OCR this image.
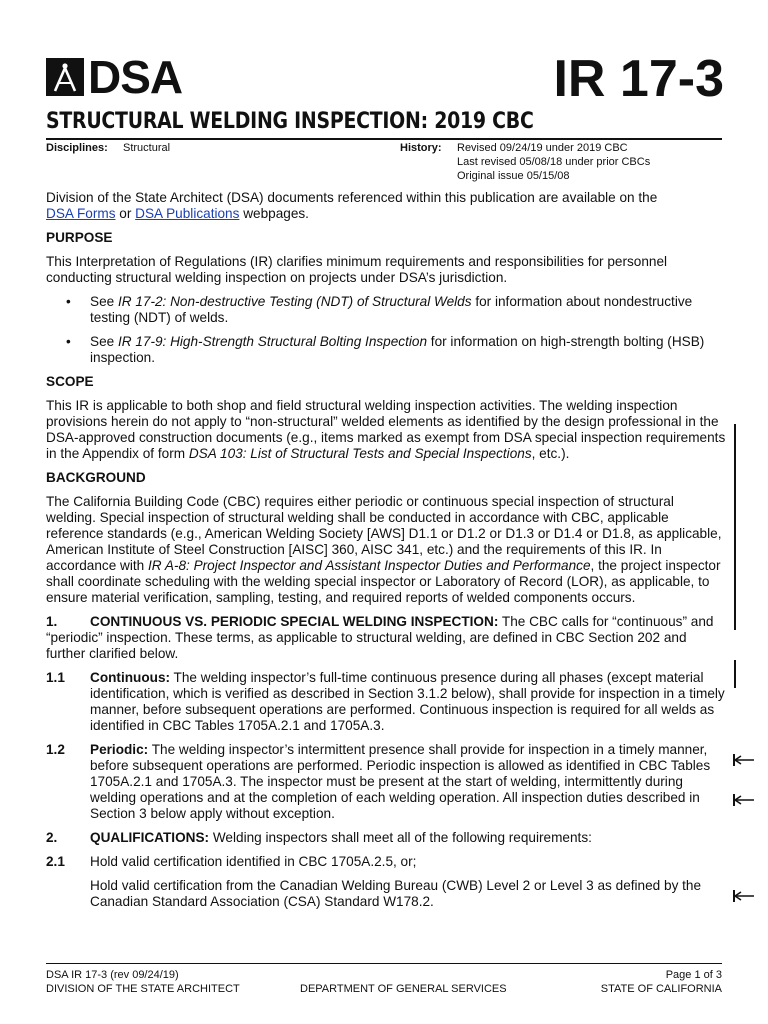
DSA	IR 17-3
STRUCTURAL WELDING INSPECTION: 2019 CBC
Disciplines: Structural	History: Revised 09/24/19 under 2019 CBC
Last revised 05/08/18 under prior CBCs
Original issue 05/15/08

Division of the State Architect (DSA) documents referenced within this publication are available on the
DSA Forms or DSA Publications webpages.

PURPOSE

This Interpretation of Regulations (IR) clarifies minimum requirements and responsibilities for personnel conducting structural welding inspection on projects under DSA’s jurisdiction.

•	See IR 17-2: Non-destructive Testing (NDT) of Structural Welds for information about nondestructive testing (NDT) of welds.
•	See IR 17-9: High-Strength Structural Bolting Inspection for information on high-strength bolting (HSB) inspection.
SCOPE

This IR is applicable to both shop and field structural welding inspection activities. The welding inspection provisions herein do not apply to “non-structural” welded elements as identified by the design professional in the DSA-approved construction documents (e.g., items marked as exempt from DSA special inspection requirements in the Appendix of form DSA 103: List of Structural Tests and Special Inspections, etc.).

BACKGROUND

The California Building Code (CBC) requires either periodic or continuous special inspection of structural welding. Special inspection of structural welding shall be conducted in accordance with CBC, applicable reference standards (e.g., American Welding Society [AWS] D1.1 or D1.2 or D1.3 or D1.4 or D1.8, as applicable, American Institute of Steel Construction [AISC] 360, AISC 341, etc.) and the requirements of this IR. In accordance with IR A-8: Project Inspector and Assistant Inspector Duties and Performance, the project inspector shall coordinate scheduling with the welding special inspector or Laboratory of Record (LOR), as applicable, to ensure material verification, sampling, testing, and required reports of welded components occurs.

1. CONTINUOUS VS. PERIODIC SPECIAL WELDING INSPECTION: The CBC calls for “continuous” and “periodic” inspection. These terms, as applicable to structural welding, are defined in CBC Section 202 and further clarified below.

1.1	Continuous: The welding inspector’s full-time continuous presence during all phases (except material identification, which is verified as described in Section 3.1.2 below), shall provide for inspection in a timely manner, before subsequent operations are performed. Continuous inspection is required for all welds as identified in CBC Tables 1705A.2.1 and 1705A.3.
1.2	Periodic: The welding inspector’s intermittent presence shall provide for inspection in a timely manner, before subsequent operations are performed. Periodic inspection is allowed as identified in CBC Tables 1705A.2.1 and 1705A.3. The inspector must be present at the start of welding, intermittently during welding operations and at the completion of each welding operation. All inspection duties described in Section 3 below apply without exception.

2. QUALIFICATIONS: Welding inspectors shall meet all of the following requirements:

2.1	Hold valid certification identified in CBC 1705A.2.5, or;

Hold valid certification from the Canadian Welding Bureau (CWB) Level 2 or Level 3 as defined by the Canadian Standard Association (CSA) Standard W178.2.

DSA IR 17-3 (rev 09/24/19)	Page 1 of 3
DIVISION OF THE STATE ARCHITECT	DEPARTMENT OF GENERAL SERVICES	STATE OF CALIFORNIA
